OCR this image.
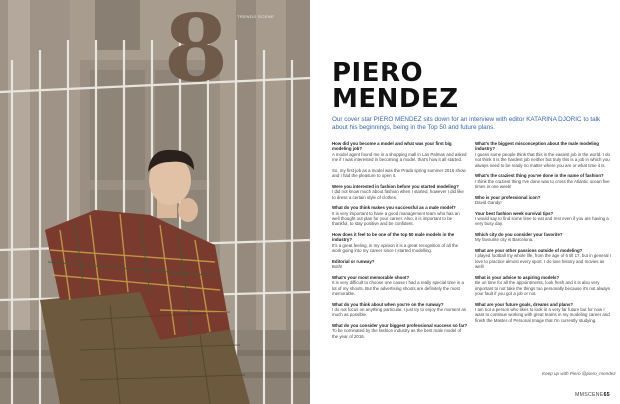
8 TRENDS SCENE
PIERO
MENDEZ
Our cover star PIERO MENDEZ sits down for an interview with editor KATARINA DJORIC to talk about his beginnings, being in the Top 50 and future plans.
How did you become a model and what was your first big modeling job?
A model agent found me in a shopping mall in Las Palmas and asked me if I was interested in becoming a model, that's how it all started.
So, my first job as a model was the Prada spring summer 2016 show and I had the pleasure to open it.
Were you interested in fashion before you started modeling?
I did not know much about fashion when I started, however I did like to dress a certain style of clothes.
What do you think makes you successful as a male model?
It is very important to have a good management team who has an well thought out plan for your career. Also, it is important to be thankful, to stay positive and be confident.
How does it feel to be one of the top 50 male models in the industry?
It's a great feeling, in my opinion it is a great recognition of all the work going into my career since I started modelling.
Editorial or runway?
Both!
What's your most memorable shoot?
It is very difficult to choose one cause I had a really special time in a lot of my shoots. But the advertising shoots are definitely the most memorable.
What do you think about when you're on the runway?
I do not focus on anything particular. I just try to enjoy the moment as much as possible.
What do you consider your biggest professional success so far?
To be nominated by the fashion industry as the best male model of the year of 2016.
What's the biggest misconception about the male modeling industry?
I guess some people think that this is the easiest job in the world. I do not think it is the hardest job neither but truly this is a job in which you always need to be ready no matter where you are or what time it is.
What's the craziest thing you've done in the name of fashion?
I think the craziest thing I've done was to cross the Atlantic ocean five times in one week!
Who is your professional icon?
David Gandy!
Your best fashion week survival tips?
I would say to find some time to eat and rest even if you are having a very busy day.
Which city do you consider your favorite?
My favourite city is Barcelona.
What are your other passions outside of modeling?
I played football my whole life, from the age of 6 till 17, but in general I love to practice almost every sport. I do love history and movies as well!
What is your advice to aspiring models?
Be on time for all the appointments, look fresh and it is also very important to not take the things too personally because it's not always your fault if you got a job or not.
What are your future goals, dreams and plans?
I am not a person who likes to look in a very far future but for now I want to continue working with great teams in my modeling career and finish the Master of Personal Image that I'm currently studying.
Keep up with Piero @piero_mendez
MMSCENE65
